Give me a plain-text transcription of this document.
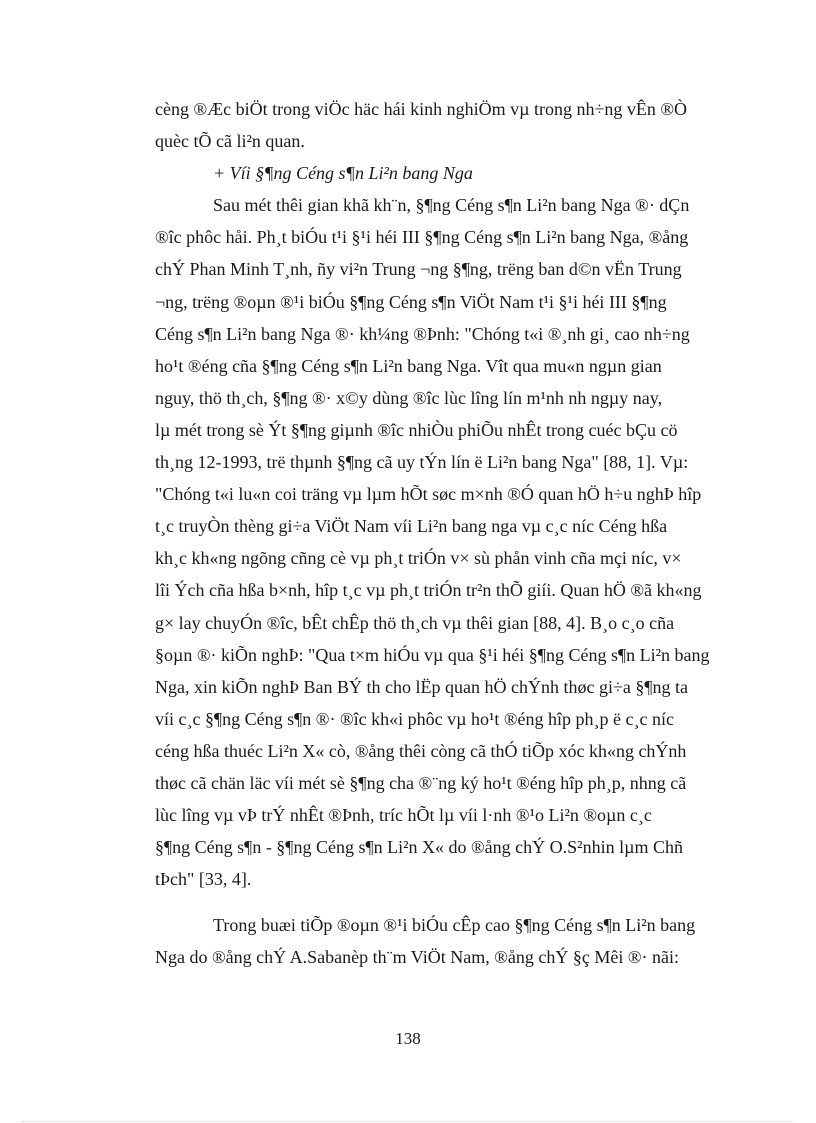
cèng ®Æc biÖt trong viÖc häc hái kinh nghiÖm vµ trong nh÷ng vÊn ®Ò
quèc tÕ cã li²n quan.
+ Víi §¶ng Céng s¶n Li²n bang Nga
Sau mét thêi gian khã kh¨n, §¶ng Céng s¶n Li²n bang Nga ®· dÇn
®îc phôc håi. Ph¸t biÓu t¹i §¹i héi III §¶ng Céng s¶n Li²n bang Nga, ®ång
chÝ Phan Minh T¸nh, ñy vi²n Trung ¬ng §¶ng, trëng ban d©n vËn Trung
¬ng, trëng ®oµn ®¹i biÓu §¶ng Céng s¶n ViÖt Nam t¹i §¹i héi III §¶ng
Céng s¶n Li²n bang Nga ®· kh¼ng ®Þnh: "Chóng t«i ®¸nh gi¸ cao nh÷ng
ho¹t ®éng cña §¶ng Céng s¶n Li²n bang Nga. Vît qua mu«n ngµn gian
nguy, thö th¸ch, §¶ng ®· x©y dùng ®îc lùc lîng lín m¹nh nh ngµy nay,
lµ mét trong sè Ýt §¶ng giµnh ®îc nhiÒu phiÕu nhÊt trong cuéc bÇu cö
th¸ng 12-1993, trë thµnh §¶ng cã uy tÝn lín ë Li²n bang Nga" [88, 1]. Vµ:
"Chóng t«i lu«n coi träng vµ lµm hÕt søc m×nh ®Ó quan hÖ h÷u nghÞ hîp
t¸c truyÒn thèng gi÷a ViÖt Nam víi Li²n bang nga vµ c¸c níc Céng hßa
kh¸c kh«ng ngõng cñng cè vµ ph¸t triÓn v× sù phån vinh cña mçi níc, v×
lîi Ých cña hßa b×nh, hîp t¸c vµ ph¸t triÓn tr²n thÕ giíi. Quan hÖ ®ã kh«ng
g× lay chuyÓn ®îc, bÊt chÊp thö th¸ch vµ thêi gian [88, 4]. B¸o c¸o cña
§oµn ®· kiÕn nghÞ: "Qua t×m hiÓu vµ qua §¹i héi §¶ng Céng s¶n Li²n bang
Nga, xin kiÕn nghÞ Ban BÝ th cho lËp quan hÖ chÝnh thøc gi÷a §¶ng ta
víi c¸c §¶ng Céng s¶n ®· ®îc kh«i phôc vµ ho¹t ®éng hîp ph¸p ë c¸c níc
céng hßa thuéc Li²n X« cò, ®ång thêi còng cã thÓ tiÕp xóc kh«ng chÝnh
thøc cã chän läc víi mét sè §¶ng cha ®¨ng ký ho¹t ®éng hîp ph¸p, nhng cã
lùc lîng vµ vÞ trÝ nhÊt ®Þnh, tríc hÕt lµ víi l·nh ®¹o Li²n ®oµn c¸c
§¶ng Céng s¶n - §¶ng Céng s¶n Li²n X« do ®ång chÝ O.S²nhin lµm Chñ
tÞch" [33, 4].
Trong buæi tiÕp ®oµn ®¹i biÓu cÊp cao §¶ng Céng s¶n Li²n bang
Nga do ®ång chÝ A.Sabanèp th¨m ViÖt Nam, ®ång chÝ §ç Mêi ®· nãi:
138
